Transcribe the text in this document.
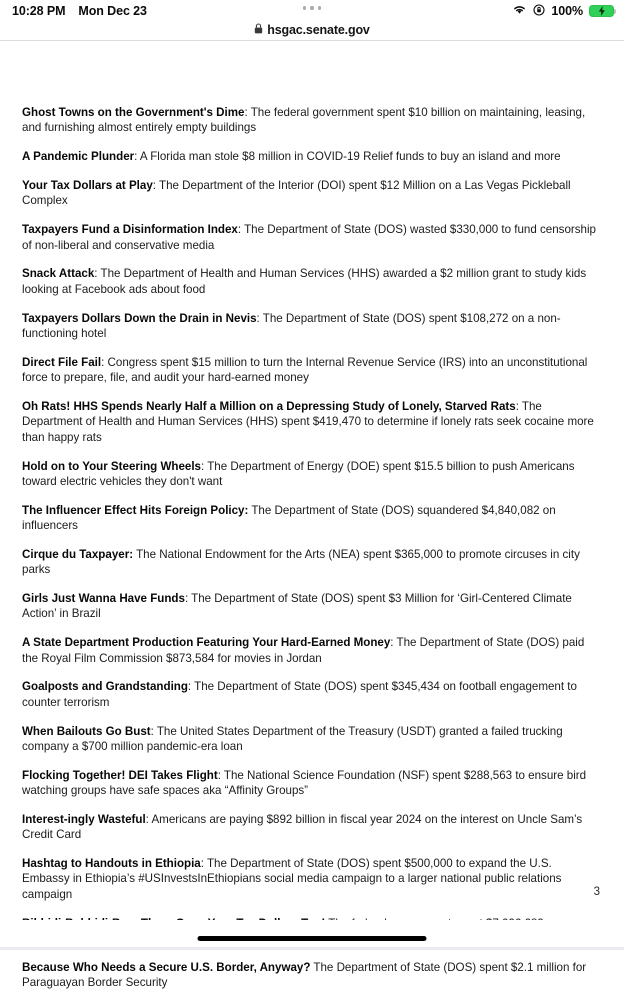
10:28 PM Mon Dec 23	100%
hsgac.senate.gov

Ghost Towns on the Government's Dime: The federal government spent $10 billion on maintaining, leasing, and furnishing almost entirely empty buildings

A Pandemic Plunder: A Florida man stole $8 million in COVID-19 Relief funds to buy an island and more

Your Tax Dollars at Play: The Department of the Interior (DOI) spent $12 Million on a Las Vegas Pickleball Complex

Taxpayers Fund a Disinformation Index: The Department of State (DOS) wasted $330,000 to fund censorship of non-liberal and conservative media

Snack Attack: The Department of Health and Human Services (HHS) awarded a $2 million grant to study kids looking at Facebook ads about food

Taxpayers Dollars Down the Drain in Nevis: The Department of State (DOS) spent $108,272 on a non-functioning hotel

Direct File Fail: Congress spent $15 million to turn the Internal Revenue Service (IRS) into an unconstitutional force to prepare, file, and audit your hard-earned money

Oh Rats! HHS Spends Nearly Half a Million on a Depressing Study of Lonely, Starved Rats: The Department of Health and Human Services (HHS) spent $419,470 to determine if lonely rats seek cocaine more than happy rats

Hold on to Your Steering Wheels: The Department of Energy (DOE) spent $15.5 billion to push Americans toward electric vehicles they don't want

The Influencer Effect Hits Foreign Policy: The Department of State (DOS) squandered $4,840,082 on influencers

Cirque du Taxpayer: The National Endowment for the Arts (NEA) spent $365,000 to promote circuses in city parks

Girls Just Wanna Have Funds: The Department of State (DOS) spent $3 Million for ‘Girl-Centered Climate Action’ in Brazil

A State Department Production Featuring Your Hard-Earned Money: The Department of State (DOS) paid the Royal Film Commission $873,584 for movies in Jordan

Goalposts and Grandstanding: The Department of State (DOS) spent $345,434 on football engagement to counter terrorism

When Bailouts Go Bust: The United States Department of the Treasury (USDT) granted a failed trucking company a $700 million pandemic-era loan

Flocking Together! DEI Takes Flight: The National Science Foundation (NSF) spent $288,563 to ensure bird watching groups have safe spaces aka “Affinity Groups”

Interest-ingly Wasteful: Americans are paying $892 billion in fiscal year 2024 on the interest on Uncle Sam’s Credit Card

Hashtag to Handouts in Ethiopia: The Department of State (DOS) spent $500,000 to expand the U.S. Embassy in Ethiopia’s #USInvestsInEthiopians social media campaign to a larger national public relations campaign

Because Who Needs a Secure U.S. Border, Anyway? The Department of State (DOS) spent $2.1 million for Paraguayan Border Security

3
